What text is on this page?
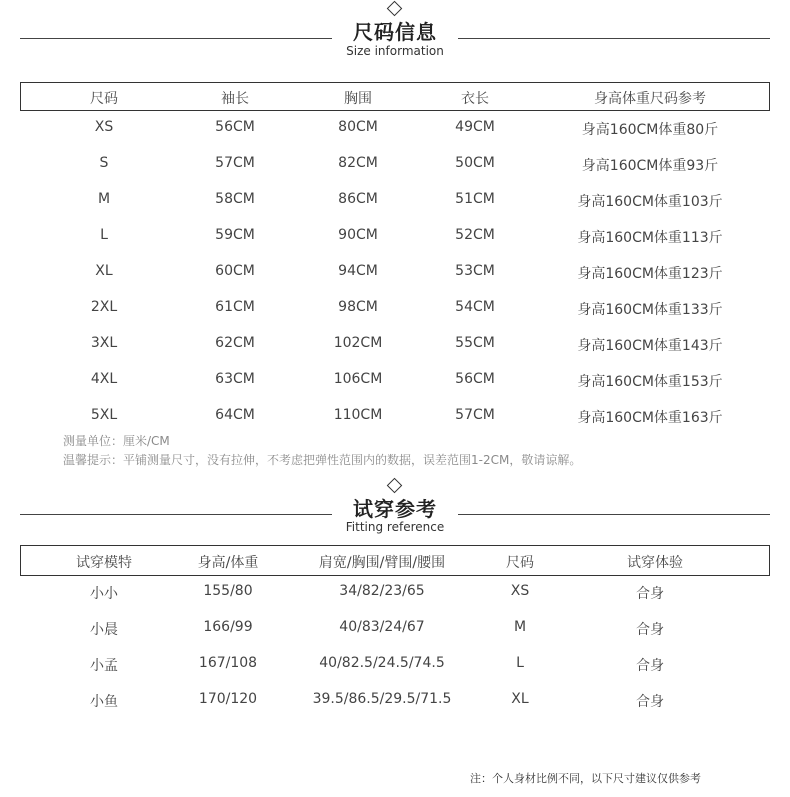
尺码信息
Size information
尺码	袖长	胸围	衣长	身高体重尺码参考
XS	56CM	80CM	49CM	身高160CM体重80斤
S	57CM	82CM	50CM	身高160CM体重93斤
M	58CM	86CM	51CM	身高160CM体重103斤
L	59CM	90CM	52CM	身高160CM体重113斤
XL	60CM	94CM	53CM	身高160CM体重123斤
2XL	61CM	98CM	54CM	身高160CM体重133斤
3XL	62CM	102CM	55CM	身高160CM体重143斤
4XL	63CM	106CM	56CM	身高160CM体重153斤
5XL	64CM	110CM	57CM	身高160CM体重163斤
测量单位：厘米/CM
温馨提示：平铺测量尺寸，没有拉伸，不考虑把弹性范围内的数据，误差范围1-2CM，敬请谅解。
试穿参考
Fitting reference
试穿模特	身高/体重	肩宽/胸围/臂围/腰围	尺码	试穿体验
小小	155/80	34/82/23/65	XS	合身
小晨	166/99	40/83/24/67	M	合身
小孟	167/108	40/82.5/24.5/74.5	L	合身
小鱼	170/120	39.5/86.5/29.5/71.5	XL	合身
注：个人身材比例不同，以下尺寸建议仅供参考
